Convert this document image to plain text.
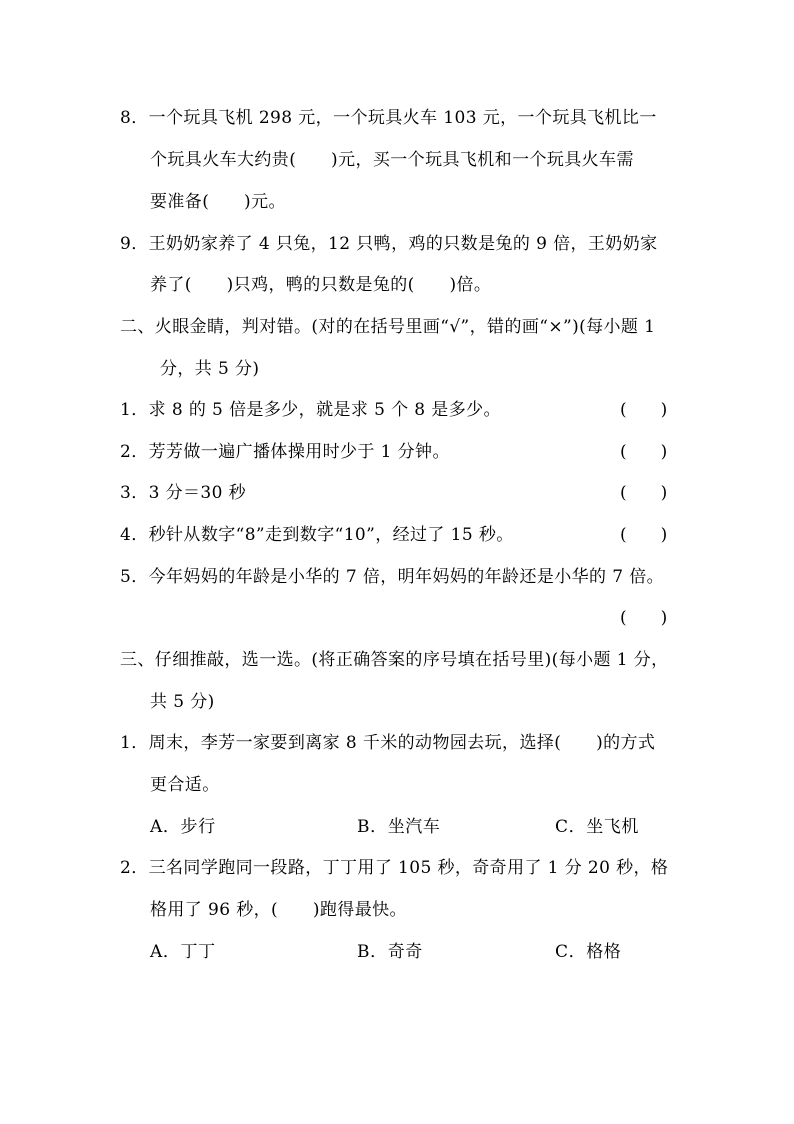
8．一个玩具飞机 298 元，一个玩具火车 103 元，一个玩具飞机比一
个玩具火车大约贵(　　)元，买一个玩具飞机和一个玩具火车需
要准备(　　)元。
9．王奶奶家养了 4 只兔，12 只鸭，鸡的只数是兔的 9 倍，王奶奶家
养了(　　)只鸡，鸭的只数是兔的(　　)倍。
二、火眼金睛，判对错。(对的在括号里画“√”，错的画“×”)(每小题 1
分，共 5 分)
1．求 8 的 5 倍是多少，就是求 5 个 8 是多少。	(　　)
2．芳芳做一遍广播体操用时少于 1 分钟。	(　　)
3．3 分＝30 秒	(　　)
4．秒针从数字“8”走到数字“10”，经过了 15 秒。	(　　)
5．今年妈妈的年龄是小华的 7 倍，明年妈妈的年龄还是小华的 7 倍。
(　　)
三、仔细推敲，选一选。(将正确答案的序号填在括号里)(每小题 1 分，
共 5 分)
1．周末，李芳一家要到离家 8 千米的动物园去玩，选择(　　)的方式
更合适。
A．步行	B．坐汽车	C．坐飞机
2．三名同学跑同一段路，丁丁用了 105 秒，奇奇用了 1 分 20 秒，格
格用了 96 秒，(　　)跑得最快。
A．丁丁	B．奇奇	C．格格
